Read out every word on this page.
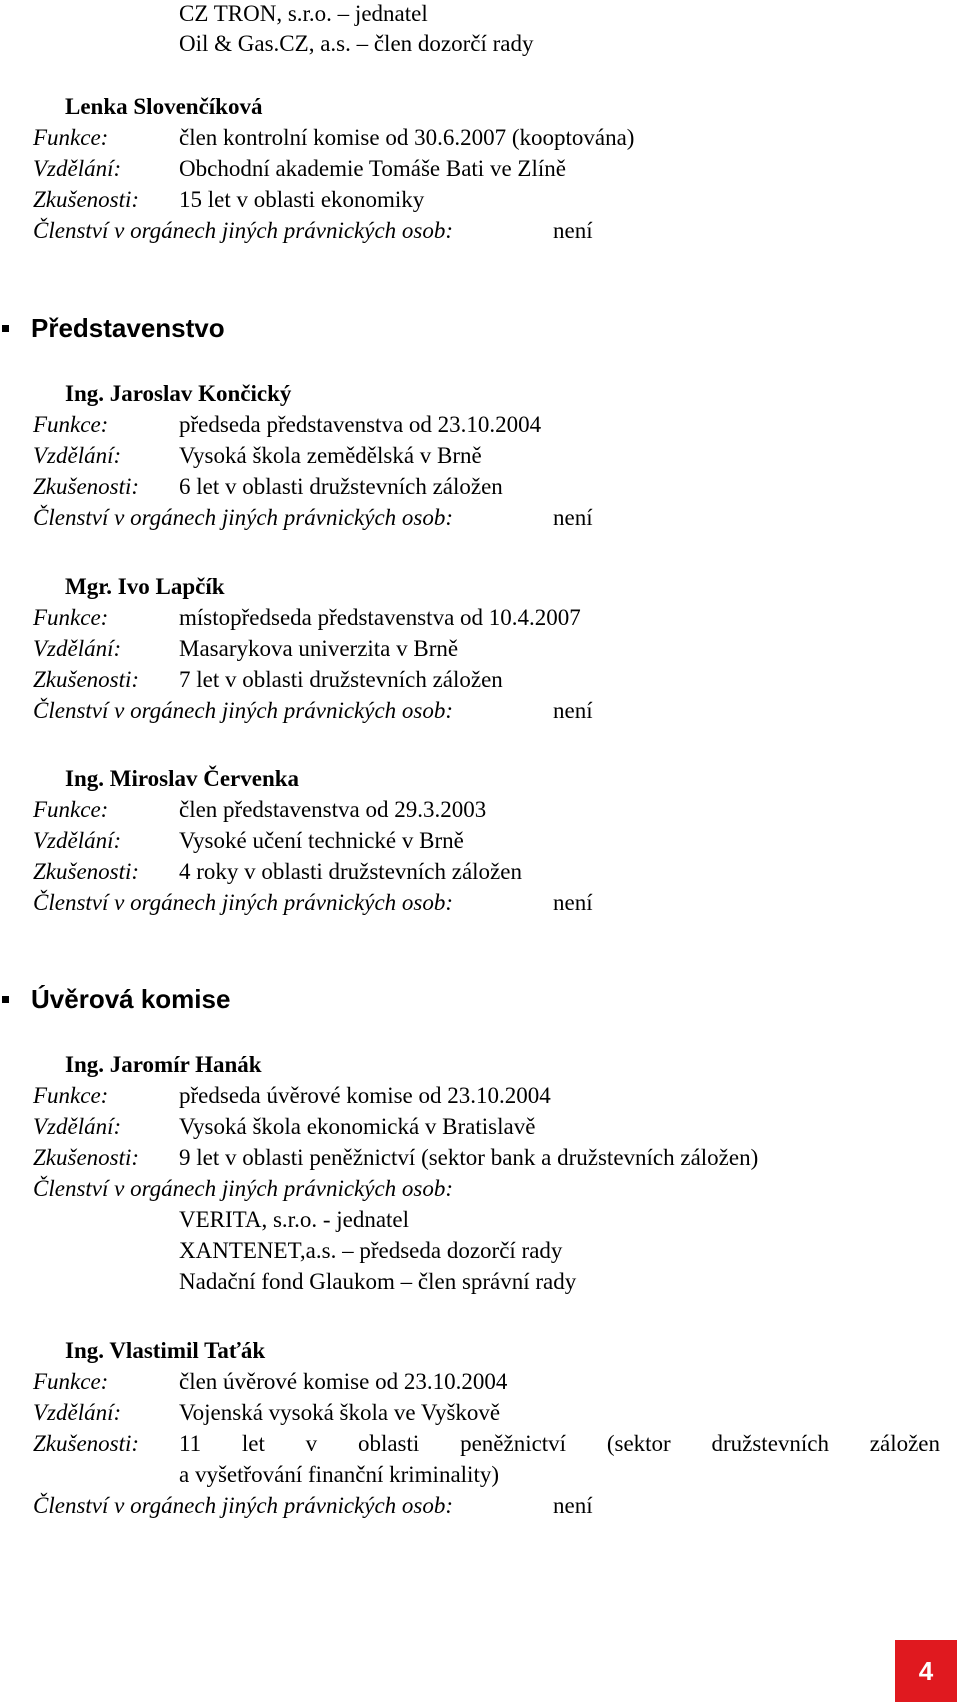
CZ TRON, s.r.o. – jednatel
Oil & Gas.CZ, a.s. – člen dozorčí rady
Lenka Slovenčíková
Funkce:	člen kontrolní komise od 30.6.2007 (kooptována)
Vzdělání:	Obchodní akademie Tomáše Bati ve Zlíně
Zkušenosti: 15 let v oblasti ekonomiky
Členství v orgánech jiných právnických osob:	není
Představenstvo
Ing. Jaroslav Končický
Funkce:	předseda představenstva od 23.10.2004
Vzdělání:	Vysoká škola zemědělská v Brně
Zkušenosti: 6 let v oblasti družstevních záložen
Členství v orgánech jiných právnických osob:	není
Mgr. Ivo Lapčík
Funkce:	místopředseda představenstva od 10.4.2007
Vzdělání:	Masarykova univerzita v Brně
Zkušenosti: 7 let v oblasti družstevních záložen
Členství v orgánech jiných právnických osob:	není
Ing. Miroslav Červenka
Funkce:	člen představenstva od 29.3.2003
Vzdělání:	Vysoké učení technické v Brně
Zkušenosti: 4 roky v oblasti družstevních záložen
Členství v orgánech jiných právnických osob:	není
Úvěrová komise
Ing. Jaromír Hanák
Funkce:	předseda úvěrové komise od 23.10.2004
Vzdělání:	Vysoká škola ekonomická v Bratislavě
Zkušenosti: 9 let v oblasti peněžnictví (sektor bank a družstevních záložen)
Členství v orgánech jiných právnických osob:
VERITA, s.r.o. - jednatel
XANTENET,a.s. – předseda dozorčí rady
Nadační fond Glaukom – člen správní rady
Ing. Vlastimil Taťák
Funkce:	člen úvěrové komise od 23.10.2004
Vzdělání:	Vojenská vysoká škola ve Vyškově
Zkušenosti: 11 let v oblasti peněžnictví (sektor družstevních záložen
a vyšetřování finanční kriminality)
Členství v orgánech jiných právnických osob:	není
4
